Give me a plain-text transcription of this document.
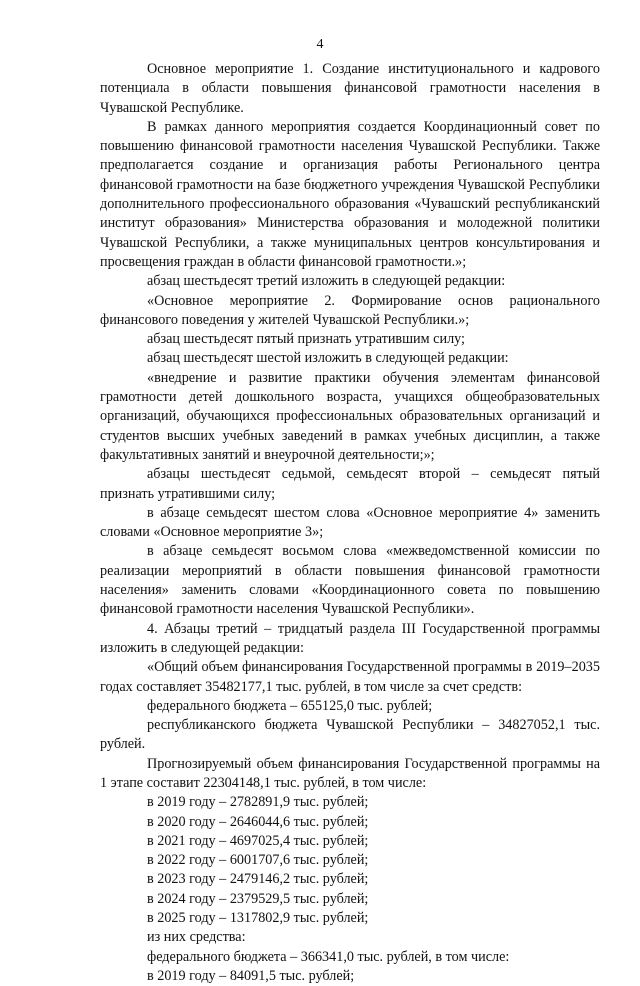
4

Основное мероприятие 1. Создание институционального и кадрового потенциала в области повышения финансовой грамотности населения в Чувашской Республике.

В рамках данного мероприятия создается Координационный совет по повышению финансовой грамотности населения Чувашской Республики. Также предполагается создание и организация работы Регионального центра финансовой грамотности на базе бюджетного учреждения Чувашской Республики дополнительного профессионального образования «Чувашский республиканский институт образования» Министерства образования и молодежной политики Чувашской Республики, а также муниципальных центров консультирования и просвещения граждан в области финансовой грамотности.»;

абзац шестьдесят третий изложить в следующей редакции:

«Основное мероприятие 2. Формирование основ рационального финансового поведения у жителей Чувашской Республики.»;

абзац шестьдесят пятый признать утратившим силу;

абзац шестьдесят шестой изложить в следующей редакции:

«внедрение и развитие практики обучения элементам финансовой грамотности детей дошкольного возраста, учащихся общеобразовательных организаций, обучающихся профессиональных образовательных организаций и студентов высших учебных заведений в рамках учебных дисциплин, а также факультативных занятий и внеурочной деятельности;»;

абзацы шестьдесят седьмой, семьдесят второй – семьдесят пятый признать утратившими силу;

в абзаце семьдесят шестом слова «Основное мероприятие 4» заменить словами «Основное мероприятие 3»;

в абзаце семьдесят восьмом слова «межведомственной комиссии по реализации мероприятий в области повышения финансовой грамотности населения» заменить словами «Координационного совета по повышению финансовой грамотности населения Чувашской Республики».

4. Абзацы третий – тридцатый раздела III Государственной программы изложить в следующей редакции:

«Общий объем финансирования Государственной программы в 2019–2035 годах составляет 35482177,1 тыс. рублей, в том числе за счет средств:

федерального бюджета – 655125,0 тыс. рублей;

республиканского бюджета Чувашской Республики – 34827052,1 тыс. рублей.

Прогнозируемый объем финансирования Государственной программы на 1 этапе составит 22304148,1 тыс. рублей, в том числе:

в 2019 году – 2782891,9 тыс. рублей;

в 2020 году – 2646044,6 тыс. рублей;

в 2021 году – 4697025,4 тыс. рублей;

в 2022 году – 6001707,6 тыс. рублей;

в 2023 году – 2479146,2 тыс. рублей;

в 2024 году – 2379529,5 тыс. рублей;

в 2025 году – 1317802,9 тыс. рублей;

из них средства:

федерального бюджета – 366341,0 тыс. рублей, в том числе:

в 2019 году – 84091,5 тыс. рублей;
